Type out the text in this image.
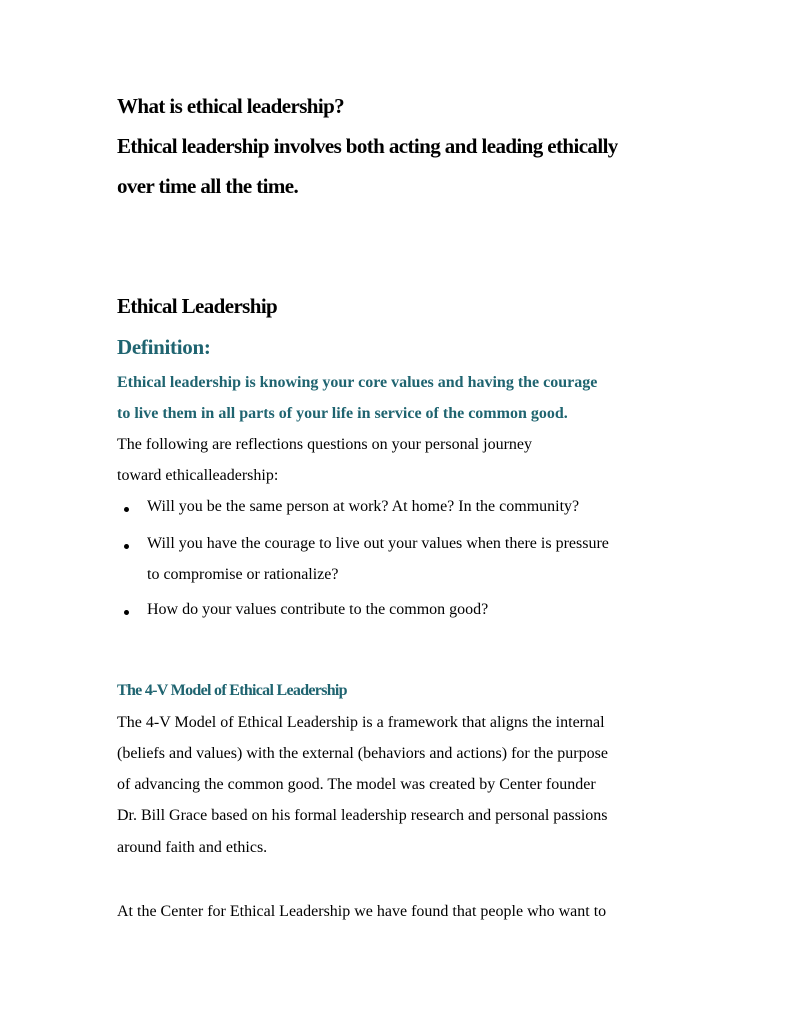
What is ethical leadership?
Ethical leadership involves both acting and leading ethically
over time all the time.
Ethical Leadership
Definition:
Ethical leadership is knowing your core values and having the courage
to live them in all parts of your life in service of the common good.
The following are reflections questions on your personal journey
toward ethicalleadership:
Will you be the same person at work? At home? In the community?
Will you have the courage to live out your values when there is pressure
to compromise or rationalize?
How do your values contribute to the common good?
The 4-V Model of Ethical Leadership
The 4-V Model of Ethical Leadership is a framework that aligns the internal
(beliefs and values) with the external (behaviors and actions) for the purpose
of advancing the common good. The model was created by Center founder
Dr. Bill Grace based on his formal leadership research and personal passions
around faith and ethics.
At the Center for Ethical Leadership we have found that people who want to
